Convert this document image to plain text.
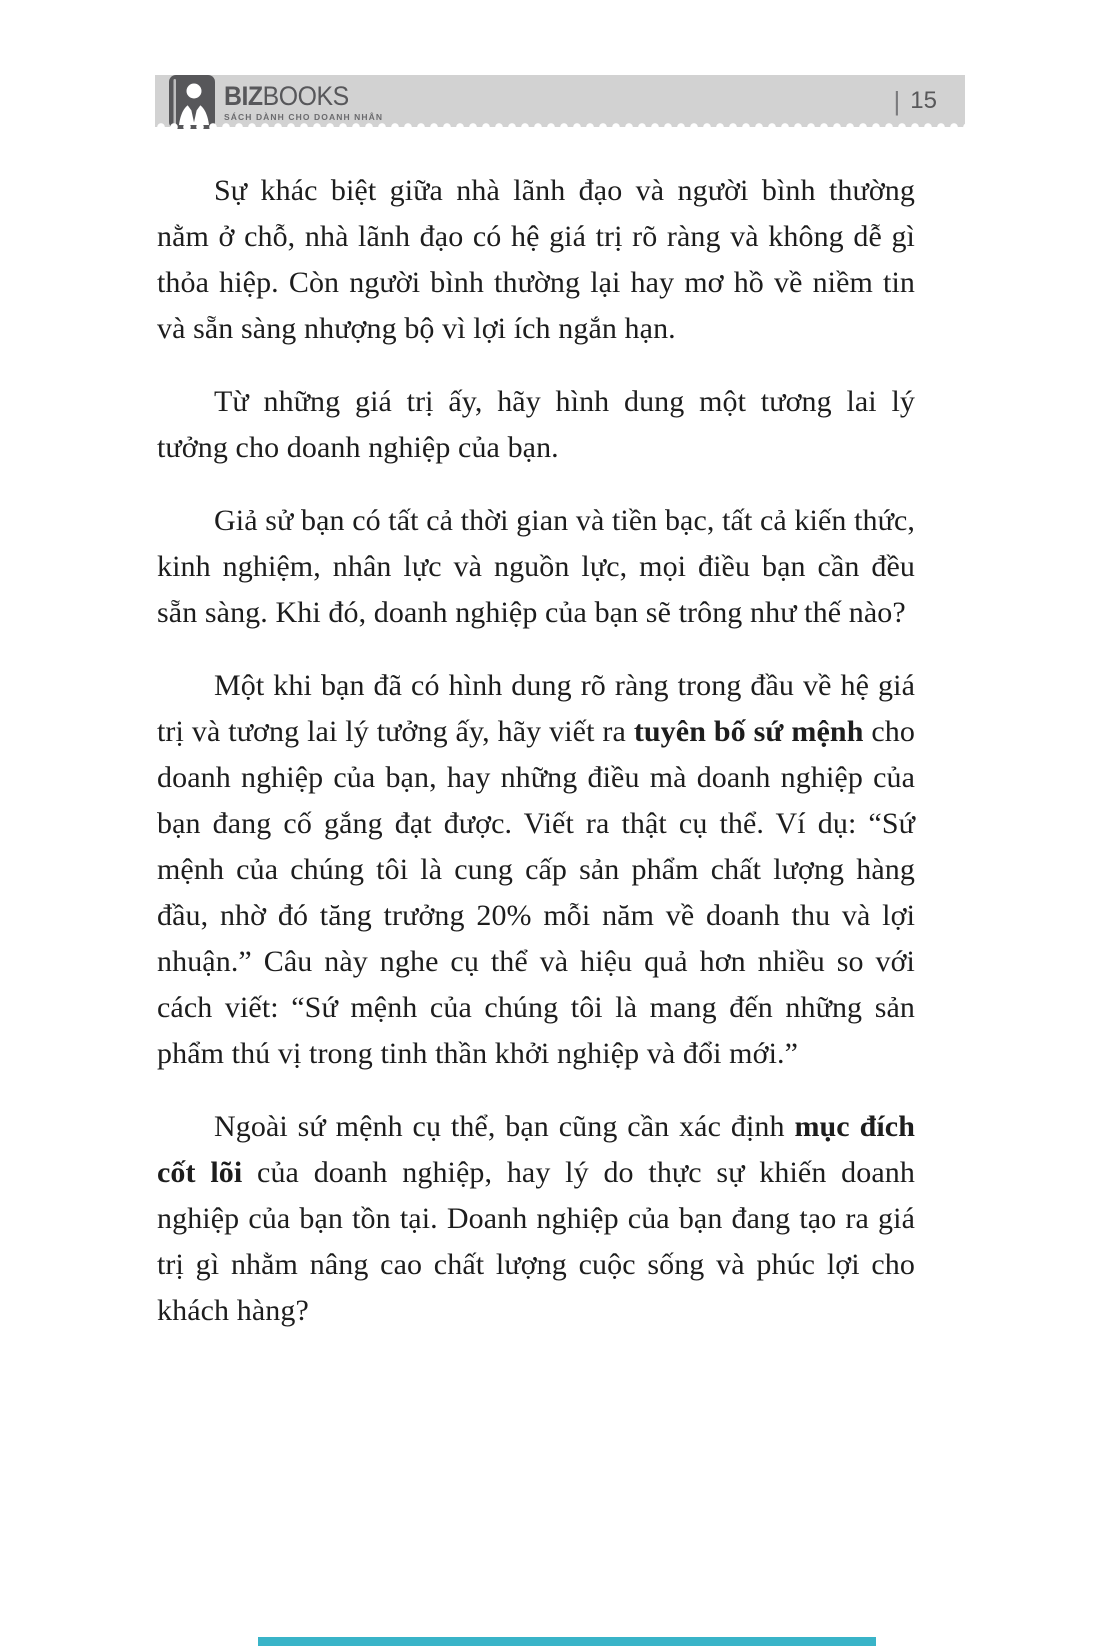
BIZBOOKS
SÁCH DÀNH CHO DOANH NHÂN
| 15

Sự khác biệt giữa nhà lãnh đạo và người bình thường nằm ở chỗ, nhà lãnh đạo có hệ giá trị rõ ràng và không dễ gì thỏa hiệp. Còn người bình thường lại hay mơ hồ về niềm tin và sẵn sàng nhượng bộ vì lợi ích ngắn hạn.

Từ những giá trị ấy, hãy hình dung một tương lai lý tưởng cho doanh nghiệp của bạn.

Giả sử bạn có tất cả thời gian và tiền bạc, tất cả kiến thức, kinh nghiệm, nhân lực và nguồn lực, mọi điều bạn cần đều sẵn sàng. Khi đó, doanh nghiệp của bạn sẽ trông như thế nào?

Một khi bạn đã có hình dung rõ ràng trong đầu về hệ giá trị và tương lai lý tưởng ấy, hãy viết ra tuyên bố sứ mệnh cho doanh nghiệp của bạn, hay những điều mà doanh nghiệp của bạn đang cố gắng đạt được. Viết ra thật cụ thể. Ví dụ: “Sứ mệnh của chúng tôi là cung cấp sản phẩm chất lượng hàng đầu, nhờ đó tăng trưởng 20% mỗi năm về doanh thu và lợi nhuận.” Câu này nghe cụ thể và hiệu quả hơn nhiều so với cách viết: “Sứ mệnh của chúng tôi là mang đến những sản phẩm thú vị trong tinh thần khởi nghiệp và đổi mới.”

Ngoài sứ mệnh cụ thể, bạn cũng cần xác định mục đích cốt lõi của doanh nghiệp, hay lý do thực sự khiến doanh nghiệp của bạn tồn tại. Doanh nghiệp của bạn đang tạo ra giá trị gì nhằm nâng cao chất lượng cuộc sống và phúc lợi cho khách hàng?
